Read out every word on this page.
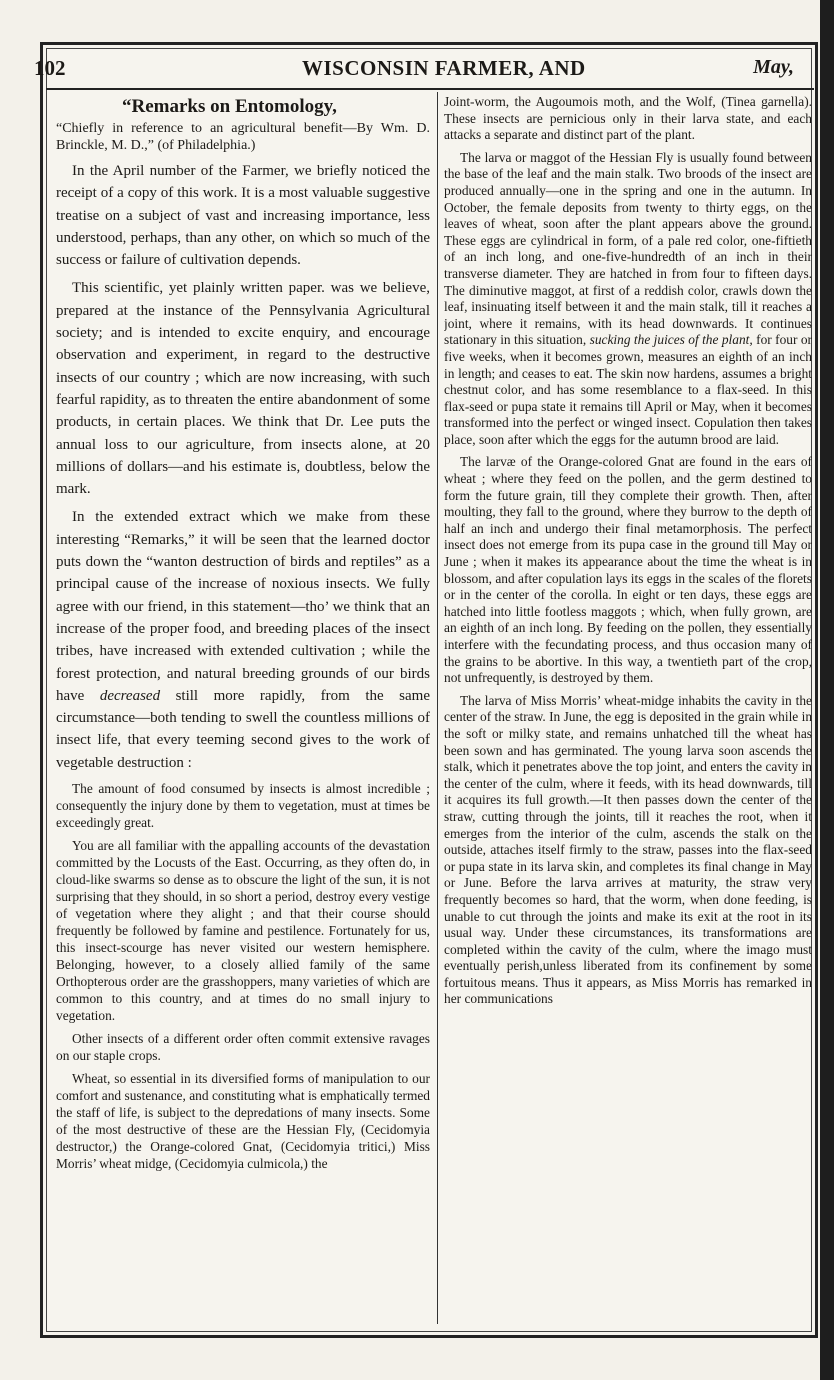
102	WISCONSIN FARMER, AND	May,
“Remarks on Entomology,
“Chiefly in reference to an agricultural benefit—By Wm. D. Brinckle, M. D.,” (of Philadelphia.)

In the April number of the Farmer, we briefly noticed the receipt of a copy of this work. It is a most valuable suggestive treatise on a subject of vast and increasing importance, less understood, perhaps, than any other, on which so much of the success or failure of cultivation depends.

This scientific, yet plainly written paper. was we believe, prepared at the instance of the Pennsylvania Agricultural society; and is intended to excite enquiry, and encourage observation and experiment, in regard to the destructive insects of our country ; which are now increasing, with such fearful rapidity, as to threaten the entire abandonment of some products, in certain places. We think that Dr. Lee puts the annual loss to our agriculture, from insects alone, at 20 millions of dollars—and his estimate is, doubtless, below the mark.

In the extended extract which we make from these interesting “Remarks,” it will be seen that the learned doctor puts down the “wanton destruction of birds and reptiles” as a principal cause of the increase of noxious insects. We fully agree with our friend, in this statement—tho’ we think that an increase of the proper food, and breeding places of the insect tribes, have increased with extended cultivation ; while the forest protection, and natural breeding grounds of our birds have decreased still more rapidly, from the same circumstance—both tending to swell the countless millions of insect life, that every teeming second gives to the work of vegetable destruction :

The amount of food consumed by insects is almost incredible ; consequently the injury done by them to vegetation, must at times be exceedingly great.

You are all familiar with the appalling accounts of the devastation committed by the Locusts of the East. Occurring, as they often do, in cloud-like swarms so dense as to obscure the light of the sun, it is not surprising that they should, in so short a period, destroy every vestige of vegetation where they alight ; and that their course should frequently be followed by famine and pestilence. Fortunately for us, this insect-scourge has never visited our western hemisphere. Belonging, however, to a closely allied family of the same Orthopterous order are the grasshoppers, many varieties of which are common to this country, and at times do no small injury to vegetation.

Other insects of a different order often commit extensive ravages on our staple crops.

Wheat, so essential in its diversified forms of manipulation to our comfort and sustenance, and constituting what is emphatically termed the staff of life, is subject to the depredations of many insects. Some of the most destructive of these are the Hessian Fly, (Cecidomyia destructor,) the Orange-colored Gnat, (Cecidomyia tritici,) Miss Morris’ wheat midge, (Cecidomyia culmicola,) the

Joint-worm, the Augoumois moth, and the Wolf, (Tinea garnella). These insects are pernicious only in their larva state, and each attacks a separate and distinct part of the plant.

The larva or maggot of the Hessian Fly is usually found between the base of the leaf and the main stalk. Two broods of the insect are produced annually—one in the spring and one in the autumn. In October, the female deposits from twenty to thirty eggs, on the leaves of wheat, soon after the plant appears above the ground. These eggs are cylindrical in form, of a pale red color, one-fiftieth of an inch long, and one-five-hundredth of an inch in their transverse diameter. They are hatched in from four to fifteen days. The diminutive maggot, at first of a reddish color, crawls down the leaf, insinuating itself between it and the main stalk, till it reaches a joint, where it remains, with its head downwards. It continues stationary in this situation, sucking the juices of the plant, for four or five weeks, when it becomes grown, measures an eighth of an inch in length; and ceases to eat. The skin now hardens, assumes a bright chestnut color, and has some resemblance to a flax-seed. In this flax-seed or pupa state it remains till April or May, when it becomes transformed into the perfect or winged insect. Copulation then takes place, soon after which the eggs for the autumn brood are laid.

The larvæ of the Orange-colored Gnat are found in the ears of wheat ; where they feed on the pollen, and the germ destined to form the future grain, till they complete their growth. Then, after moulting, they fall to the ground, where they burrow to the depth of half an inch and undergo their final metamorphosis. The perfect insect does not emerge from its pupa case in the ground till May or June ; when it makes its appearance about the time the wheat is in blossom, and after copulation lays its eggs in the scales of the florets or in the center of the corolla. In eight or ten days, these eggs are hatched into little footless maggots ; which, when fully grown, are an eighth of an inch long. By feeding on the pollen, they essentially interfere with the fecundating process, and thus occasion many of the grains to be abortive. In this way, a twentieth part of the crop, not unfrequently, is destroyed by them.

The larva of Miss Morris’ wheat-midge inhabits the cavity in the center of the straw. In June, the egg is deposited in the grain while in the soft or milky state, and remains unhatched till the wheat has been sown and has germinated. The young larva soon ascends the stalk, which it penetrates above the top joint, and enters the cavity in the center of the culm, where it feeds, with its head downwards, till it acquires its full growth.—It then passes down the center of the straw, cutting through the joints, till it reaches the root, when it emerges from the interior of the culm, ascends the stalk on the outside, attaches itself firmly to the straw, passes into the flax-seed or pupa state in its larva skin, and completes its final change in May or June. Before the larva arrives at maturity, the straw very frequently becomes so hard, that the worm, when done feeding, is unable to cut through the joints and make its exit at the root in its usual way. Under these circumstances, its transformations are completed within the cavity of the culm, where the imago must eventually perish,unless liberated from its confinement by some fortuitous means. Thus it appears, as Miss Morris has remarked in her communications
